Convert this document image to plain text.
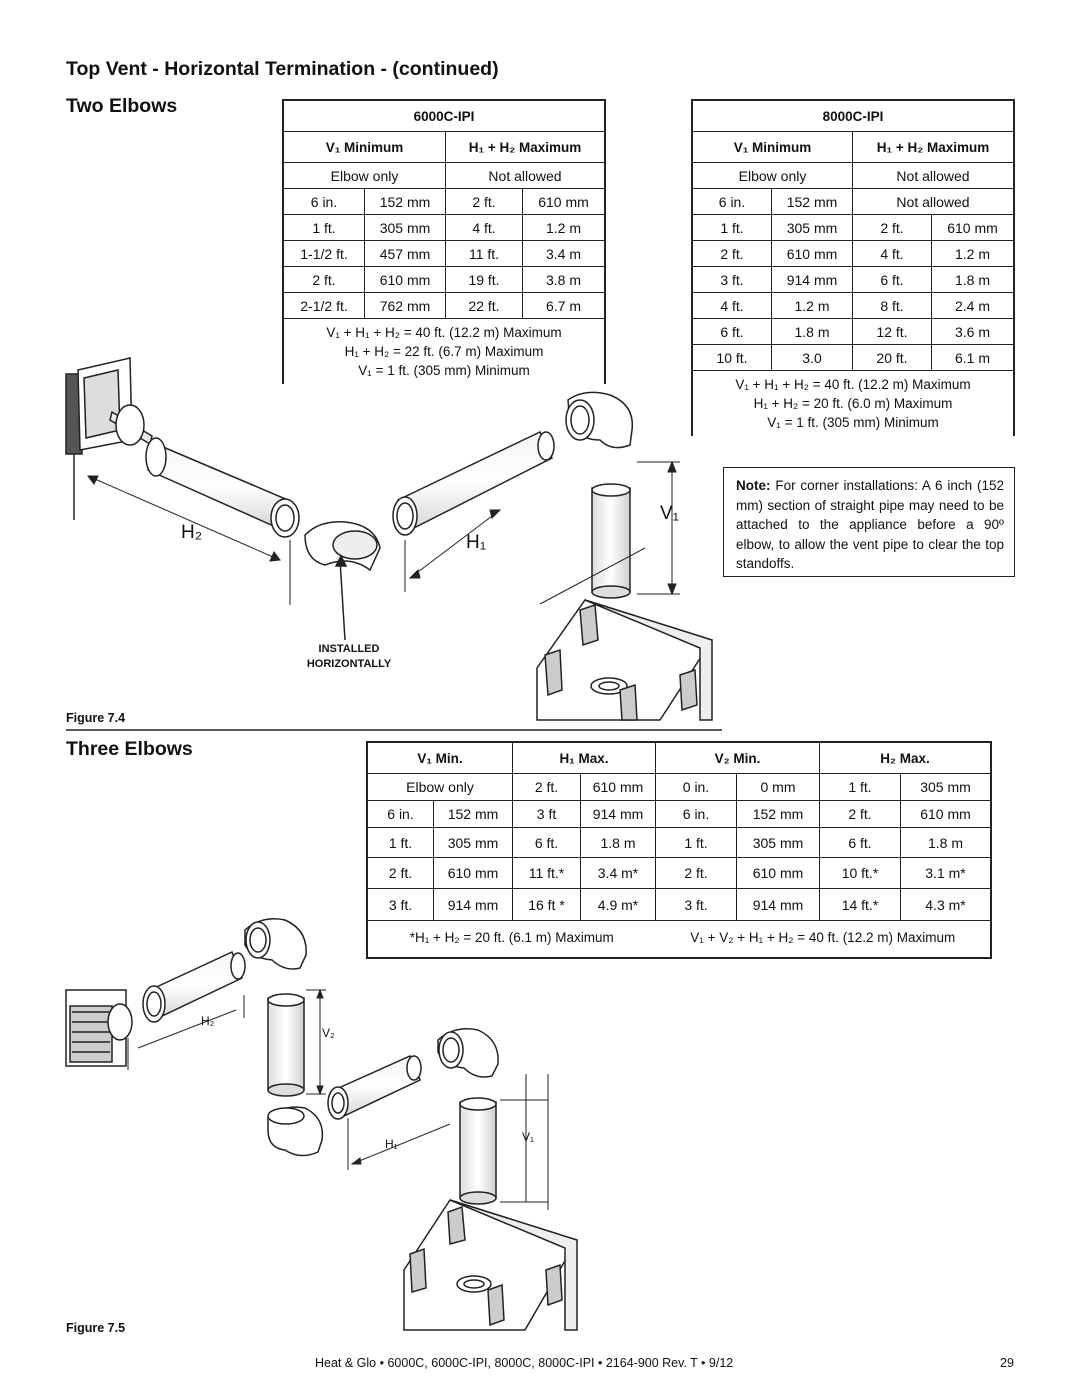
Top Vent - Horizontal Termination - (continued)
Two Elbows	6000C-IPI			
V₁ Minimum		H₁ + H₂ Maximum	
Elbow only		Not allowed	
6 in.	152 mm	2 ft.	610 mm
1 ft.	305 mm	4 ft.	1.2 m
1-1/2 ft.	457 mm	11 ft.	3.4 m
2 ft.	610 mm	19 ft.	3.8 m
2-1/2 ft.	762 mm	22 ft.	6.7 m

V₁ + H₁ + H₂ = 40 ft. (12.2 m) Maximum
H₁ + H₂ = 22 ft. (6.7 m) Maximum
V₁ = 1 ft. (305 mm) Minimum			
8000C-IPI			
V₁ Minimum		H₁ + H₂ Maximum	
Elbow only		Not allowed	
6 in.	152 mm	Not allowed	
1 ft.	305 mm	2 ft.	610 mm
2 ft.	610 mm	4 ft.	1.2 m
3 ft.	914 mm	6 ft.	1.8 m
4 ft.	1.2 m	8 ft.	2.4 m
6 ft.	1.8 m	12 ft.	3.6 m
10 ft.	3.0	20 ft.	6.1 m

V₁ + H₁ + H₂ = 40 ft. (12.2 m) Maximum
H₁ + H₂ = 20 ft. (6.0 m) Maximum
V₁ = 1 ft. (305 mm) Minimum			
Note: For corner installations: A 6 inch (152 mm) section of straight pipe may need to be attached to the appliance before a 90º elbow, to allow the vent pipe to clear the top standoffs.
H₂	H₁
V₁
INSTALLED
HORIZONTALLY
Figure 7.4
Three Elbows	V₁ Min.		H₁ Max.		V₂ Min.		H₂ Max.	
Elbow only		2 ft.	610 mm	0 in.	0 mm	1 ft.	305 mm
6 in.	152 mm	3 ft	914 mm	6 in.	152 mm	2 ft.	610 mm
1 ft.	305 mm	6 ft.	1.8 m	1 ft.	305 mm	6 ft.	1.8 m
2 ft.	610 mm	11 ft.*	3.4 m*	2 ft.	610 mm	10 ft.*	3.1 m*
3 ft.	914 mm	16 ft *	4.9 m*	3 ft.	914 mm	14 ft.*	4.3 m*
*H₁ + H₂ = 20 ft. (6.1 m) Maximum				V₁ + V₂ + H₁ + H₂ = 40 ft. (12.2 m) Maximum			
H₂
V₂
H₁	V₁
Figure 7.5
Heat & Glo • 6000C, 6000C-IPI, 8000C, 8000C-IPI • 2164-900 Rev. T • 9/12	29
